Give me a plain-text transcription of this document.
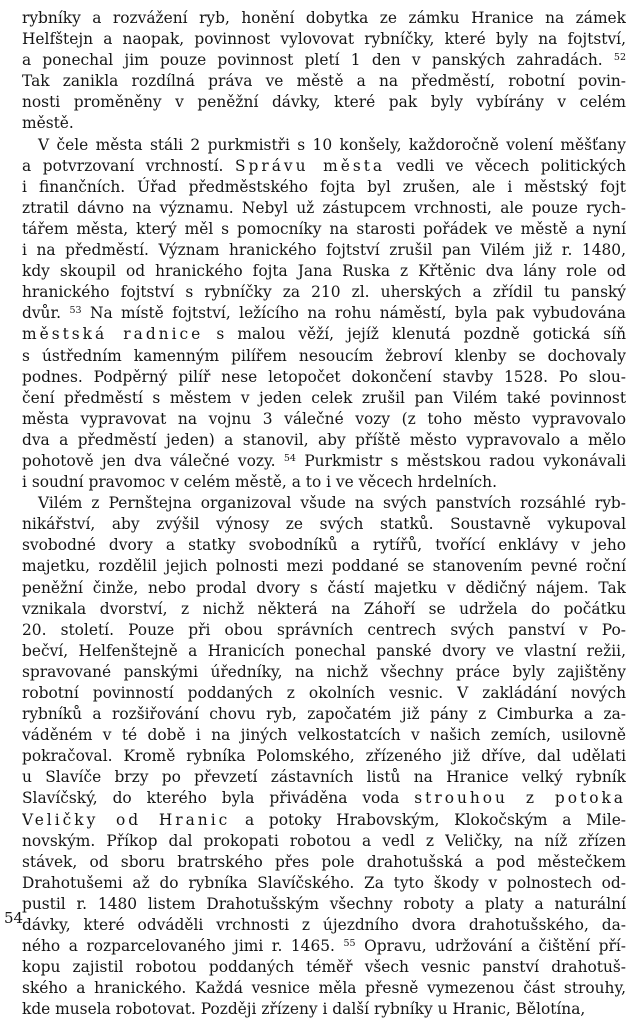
rybníky a rozvážení ryb, honění dobytka ze zámku Hranice na zámek
Helfštejn a naopak, povinnost vylovovat rybníčky, které byly na fojtství,
a ponechal jim pouze povinnost pletí 1 den v panských zahradách. $^{52}$
Tak zanikla rozdílná práva ve městě a na předměstí, robotní povin-
nosti proměněny v peněžní dávky, které pak byly vybírány v celém
městě.
V čele města stáli 2 purkmistři s 10 konšely, každoročně volení měšťany
a potvrzovaní vrchností. Správu města vedli ve věcech politických
i finančních. Úřad předměstského fojta byl zrušen, ale i městský fojt
ztratil dávno na významu. Nebyl už zástupcem vrchnosti, ale pouze rych-
tářem města, který měl s pomocníky na starosti pořádek ve městě a nyní
i na předměstí. Význam hranického fojtství zrušil pan Vilém již r. 1480,
kdy skoupil od hranického fojta Jana Ruska z Křtěnic dva lány role od
hranického fojtství s rybníčky za 210 zl. uherských a zřídil tu panský
dvůr. $^{53}$ Na místě fojtství, ležícího na rohu náměstí, byla pak vybudována
městská radnice s malou věží, jejíž klenutá pozdně gotická síň
s ústředním kamenným pilířem nesoucím žebroví klenby se dochovaly
podnes. Podpěrný pilíř nese letopočet dokončení stavby 1528. Po slou-
čení předměstí s městem v jeden celek zrušil pan Vilém také povinnost
města vypravovat na vojnu 3 válečné vozy (z toho město vypravovalo
dva a předměstí jeden) a stanovil, aby příště město vypravovalo a mělo
pohotově jen dva válečné vozy. $^{54}$ Purkmistr s městskou radou vykonávali
i soudní pravomoc v celém městě, a to i ve věcech hrdelních.
Vilém z Pernštejna organizoval všude na svých panstvích rozsáhlé ryb-
nikářství, aby zvýšil výnosy ze svých statků. Soustavně vykupoval
svobodné dvory a statky svobodníků a rytířů, tvořící enklávy v jeho
majetku, rozdělil jejich polnosti mezi poddané se stanovením pevné roční
peněžní činže, nebo prodal dvory s částí majetku v dědičný nájem. Tak
vznikala dvorství, z nichž některá na Záhoří se udržela do počátku
20. století. Pouze při obou správních centrech svých panství v Po-
bečví, Helfenštejně a Hranicích ponechal panské dvory ve vlastní režii,
spravované panskými úředníky, na nichž všechny práce byly zajištěny
robotní povinností poddaných z okolních vesnic. V zakládání nových
rybníků a rozšiřování chovu ryb, započatém již pány z Cimburka a za-
váděném v té době i na jiných velkostatcích v našich zemích, usilovně
pokračoval. Kromě rybníka Polomského, zřízeného již dříve, dal udělati
u Slavíče brzy po převzetí zástavních listů na Hranice velký rybník
Slavíčský, do kterého byla přiváděna voda strouhou z potoka
Veličky od Hranic a potoky Hrabovským, Klokočským a Mile-
novským. Příkop dal prokopati robotou a vedl z Veličky, na níž zřízen
stávek, od sboru bratrského přes pole drahotušská a pod městečkem
Drahotušemi až do rybníka Slavíčského. Za tyto škody v polnostech od-
pustil r. 1480 listem Drahotušským všechny roboty a platy a naturální
dávky, které odváděli vrchnosti z újezdního dvora drahotušského, da-
ného a rozparcelovaného jimi r. 1465. $^{55}$ Opravu, udržování a čištění pří-
kopu zajistil robotou poddaných téměř všech vesnic panství drahotuš-
ského a hranického. Každá vesnice měla přesně vymezenou část strouhy,
kde musela robotovat. Později zřízeny i další rybníky u Hranic, Bělotína,
54
